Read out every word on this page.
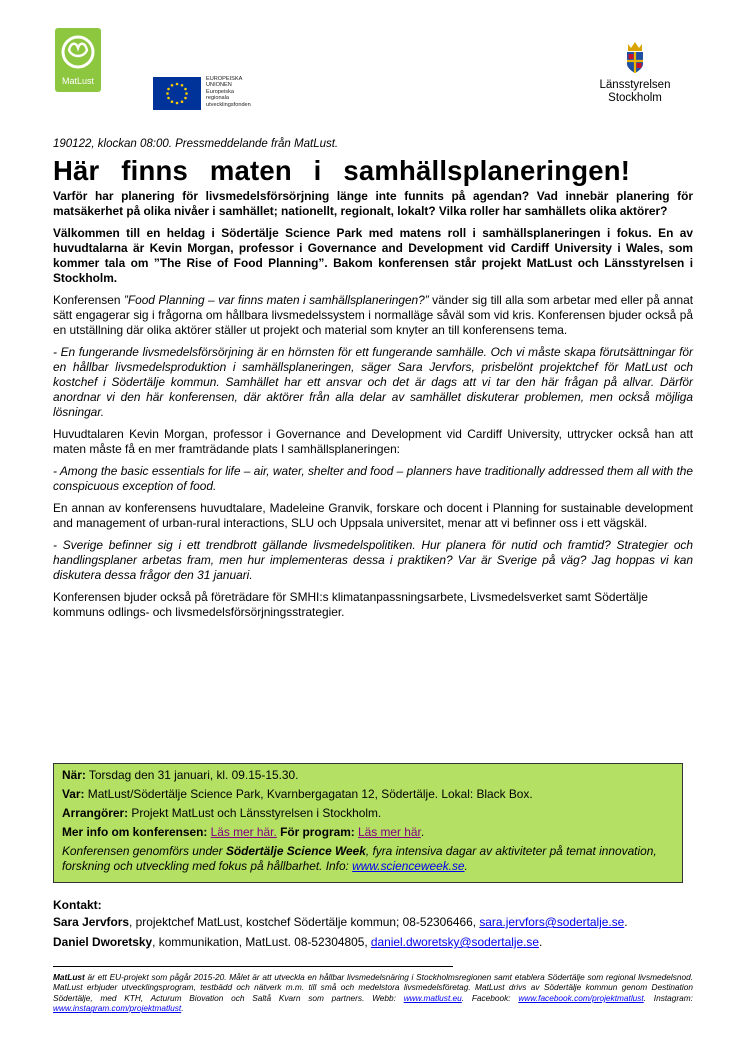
MatLust	EUROPEISKA
UNIONEN
Europeiska
regionala
utvecklingsfonden
Länsstyrelsen
Stockholm
190122, klockan 08:00. Pressmeddelande från MatLust.
Här finns maten i samhällsplaneringen!

Varför har planering för livsmedelsförsörjning länge inte funnits på agendan? Vad innebär planering för matsäkerhet på olika nivåer i samhället; nationellt, regionalt, lokalt? Vilka roller har samhällets olika aktörer?

Välkommen till en heldag i Södertälje Science Park med matens roll i samhällsplaneringen i fokus. En av huvudtalarna är Kevin Morgan, professor i Governance and Development vid Cardiff University i Wales, som kommer tala om ”The Rise of Food Planning”. Bakom konferensen står projekt MatLust och Länsstyrelsen i Stockholm.

Konferensen ”Food Planning – var finns maten i samhällsplaneringen?” vänder sig till alla som arbetar med eller på annat sätt engagerar sig i frågorna om hållbara livsmedelssystem i normalläge såväl som vid kris. Konferensen bjuder också på en utställning där olika aktörer ställer ut projekt och material som knyter an till konferensens tema.

- En fungerande livsmedelsförsörjning är en hörnsten för ett fungerande samhälle. Och vi måste skapa förutsättningar för en hållbar livsmedelsproduktion i samhällsplaneringen, säger Sara Jervfors, prisbelönt projektchef för MatLust och kostchef i Södertälje kommun. Samhället har ett ansvar och det är dags att vi tar den här frågan på allvar. Därför anordnar vi den här konferensen, där aktörer från alla delar av samhället diskuterar problemen, men också möjliga lösningar.

Huvudtalaren Kevin Morgan, professor i Governance and Development vid Cardiff University, uttrycker också han att maten måste få en mer framträdande plats I samhällsplaneringen:

- Among the basic essentials for life – air, water, shelter and food – planners have traditionally addressed them all with the conspicuous exception of food.

En annan av konferensens huvudtalare, Madeleine Granvik, forskare och docent i Planning for sustainable development and management of urban-rural interactions, SLU och Uppsala universitet, menar att vi befinner oss i ett vägskäl.

- Sverige befinner sig i ett trendbrott gällande livsmedelspolitiken. Hur planera för nutid och framtid? Strategier och handlingsplaner arbetas fram, men hur implementeras dessa i praktiken? Var är Sverige på väg? Jag hoppas vi kan diskutera dessa frågor den 31 januari.

Konferensen bjuder också på företrädare för SMHI:s klimatanpassningsarbete, Livsmedelsverket samt Södertälje kommuns odlings- och livsmedelsförsörjningsstrategier.

När: Torsdag den 31 januari, kl. 09.15-15.30.
Var: MatLust/Södertälje Science Park, Kvarnbergagatan 12, Södertälje. Lokal: Black Box.
Arrangörer: Projekt MatLust och Länsstyrelsen i Stockholm.
Mer info om konferensen: Läs mer här. För program: Läs mer här.
Konferensen genomförs under Södertälje Science Week, fyra intensiva dagar av aktiviteter på temat innovation, forskning och utveckling med fokus på hållbarhet. Info: www.scienceweek.se.
Kontakt:
Sara Jervfors, projektchef MatLust, kostchef Södertälje kommun; 08-52306466, sara.jervfors@sodertalje.se.
Daniel Dworetsky, kommunikation, MatLust. 08-52304805, daniel.dworetsky@sodertalje.se.
MatLust är ett EU-projekt som pågår 2015-20. Målet är att utveckla en hållbar livsmedelsnäring i Stockholmsregionen samt etablera Södertälje som regional livsmedelsnod. MatLust erbjuder utvecklingsprogram, testbädd och nätverk m.m. till små och medelstora livsmedelsföretag. MatLust drivs av Södertälje kommun genom Destination Södertälje, med KTH, Acturum Biovation och Saltå Kvarn som partners. Webb: www.matlust.eu. Facebook: www.facebook.com/projektmatlust. Instagram: www.instagram.com/projektmatlust.
